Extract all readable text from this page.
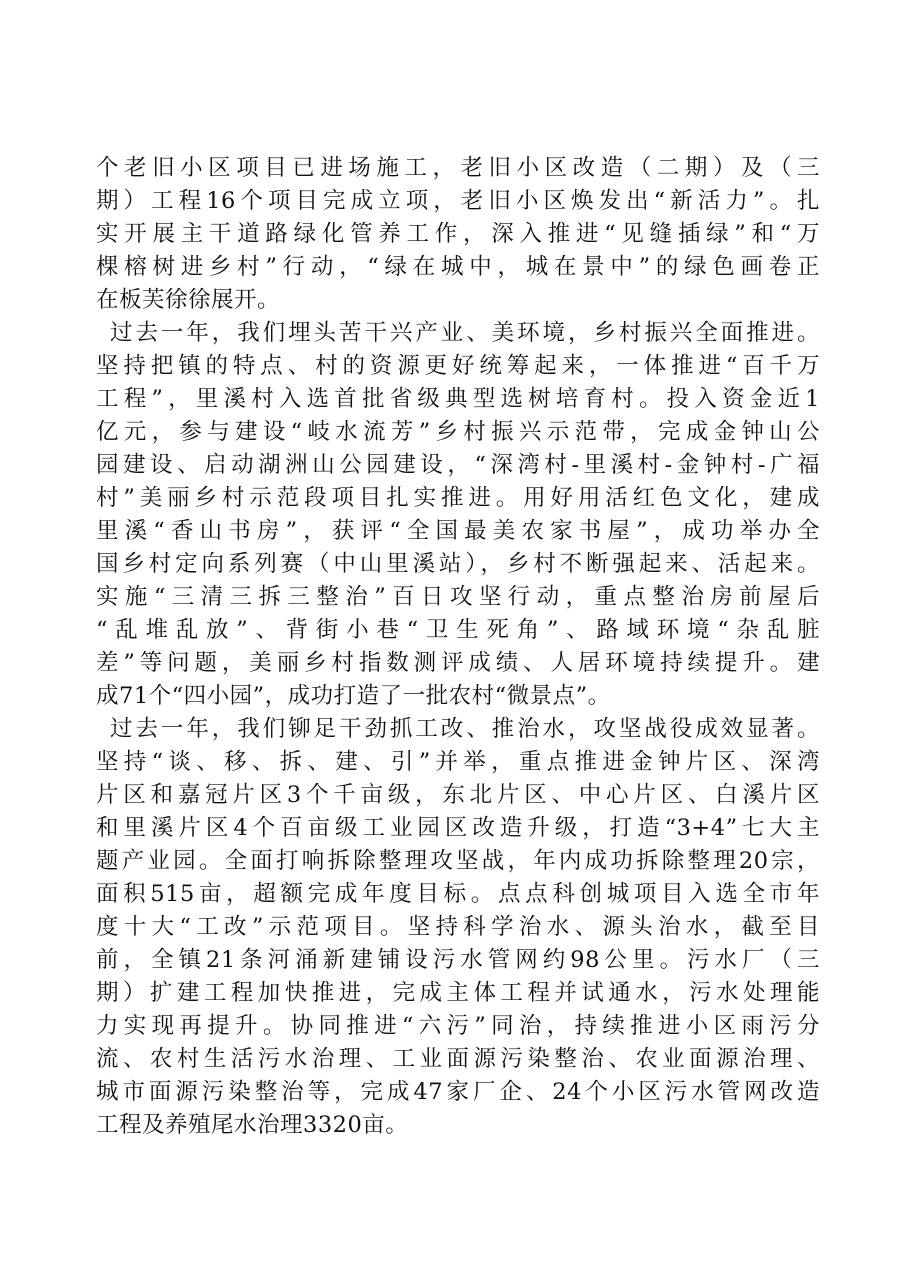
个老旧小区项目已进场施工，老旧小区改造（二期）及（三
期）工程16个项目完成立项，老旧小区焕发出“新活力”。扎
实开展主干道路绿化管养工作，深入推进“见缝插绿”和“万
棵榕树进乡村”行动，“绿在城中，城在景中”的绿色画卷正
在板芙徐徐展开。
过去一年，我们埋头苦干兴产业、美环境，乡村振兴全面推进。
坚持把镇的特点、村的资源更好统筹起来，一体推进“百千万
工程”，里溪村入选首批省级典型选树培育村。投入资金近1
亿元，参与建设“岐水流芳”乡村振兴示范带，完成金钟山公
园建设、启动湖洲山公园建设，“深湾村-里溪村-金钟村-广福
村”美丽乡村示范段项目扎实推进。用好用活红色文化，建成
里溪“香山书房”，获评“全国最美农家书屋”，成功举办全
国乡村定向系列赛（中山里溪站），乡村不断强起来、活起来。
实施“三清三拆三整治”百日攻坚行动，重点整治房前屋后
“乱堆乱放”、背街小巷“卫生死角”、路域环境“杂乱脏
差”等问题，美丽乡村指数测评成绩、人居环境持续提升。建
成71个“四小园”，成功打造了一批农村“微景点”。
过去一年，我们铆足干劲抓工改、推治水，攻坚战役成效显著。
坚持“谈、移、拆、建、引”并举，重点推进金钟片区、深湾
片区和嘉冠片区3个千亩级，东北片区、中心片区、白溪片区
和里溪片区4个百亩级工业园区改造升级，打造“3+4”七大主
题产业园。全面打响拆除整理攻坚战，年内成功拆除整理20宗，
面积515亩，超额完成年度目标。点点科创城项目入选全市年
度十大“工改”示范项目。坚持科学治水、源头治水，截至目
前，全镇21条河涌新建铺设污水管网约98公里。污水厂（三
期）扩建工程加快推进，完成主体工程并试通水，污水处理能
力实现再提升。协同推进“六污”同治，持续推进小区雨污分
流、农村生活污水治理、工业面源污染整治、农业面源治理、
城市面源污染整治等，完成47家厂企、24个小区污水管网改造
工程及养殖尾水治理3320亩。
